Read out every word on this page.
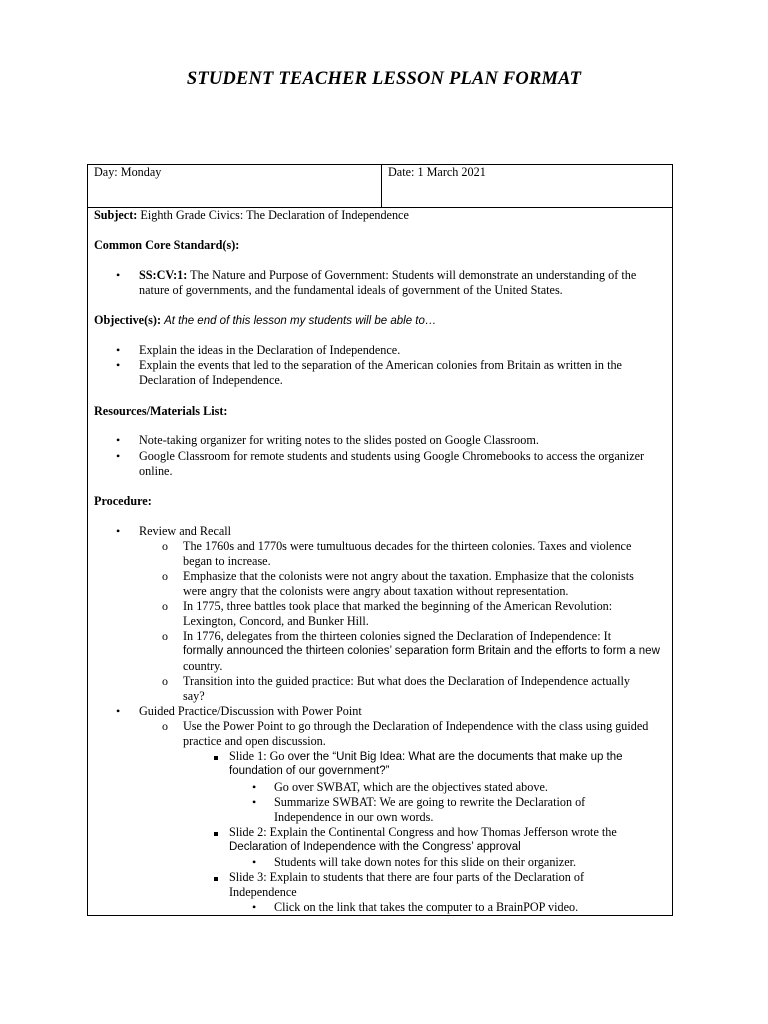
STUDENT TEACHER LESSON PLAN FORMAT
Day: Monday	Date: 1 March 2021
Subject: Eighth Grade Civics: The Declaration of Independence
Common Core Standard(s):
• SS:CV:1: The Nature and Purpose of Government: Students will demonstrate an understanding of the
nature of governments, and the fundamental ideals of government of the United States.
Objective(s): At the end of this lesson my students will be able to…
• Explain the ideas in the Declaration of Independence.
• Explain the events that led to the separation of the American colonies from Britain as written in the
Declaration of Independence.
Resources/Materials List:
• Note-taking organizer for writing notes to the slides posted on Google Classroom.
• Google Classroom for remote students and students using Google Chromebooks to access the organizer
online.
Procedure:
• Review and Recall
o The 1760s and 1770s were tumultuous decades for the thirteen colonies. Taxes and violence
began to increase.
o Emphasize that the colonists were not angry about the taxation. Emphasize that the colonists
were angry that the colonists were angry about taxation without representation.
o In 1775, three battles took place that marked the beginning of the American Revolution:
Lexington, Concord, and Bunker Hill.
o In 1776, delegates from the thirteen colonies signed the Declaration of Independence: It
formally announced the thirteen colonies’ separation form Britain and the efforts to form a new
country.
o Transition into the guided practice: But what does the Declaration of Independence actually
say?
• Guided Practice/Discussion with Power Point
o Use the Power Point to go through the Declaration of Independence with the class using guided
practice and open discussion.
Slide 1: Go over the “Unit Big Idea: What are the documents that make up the
foundation of our government?”
• Go over SWBAT, which are the objectives stated above.
• Summarize SWBAT: We are going to rewrite the Declaration of
Independence in our own words.
Slide 2: Explain the Continental Congress and how Thomas Jefferson wrote the
Declaration of Independence with the Congress’ approval
• Students will take down notes for this slide on their organizer.
Slide 3: Explain to students that there are four parts of the Declaration of
Independence
• Click on the link that takes the computer to a BrainPOP video.
